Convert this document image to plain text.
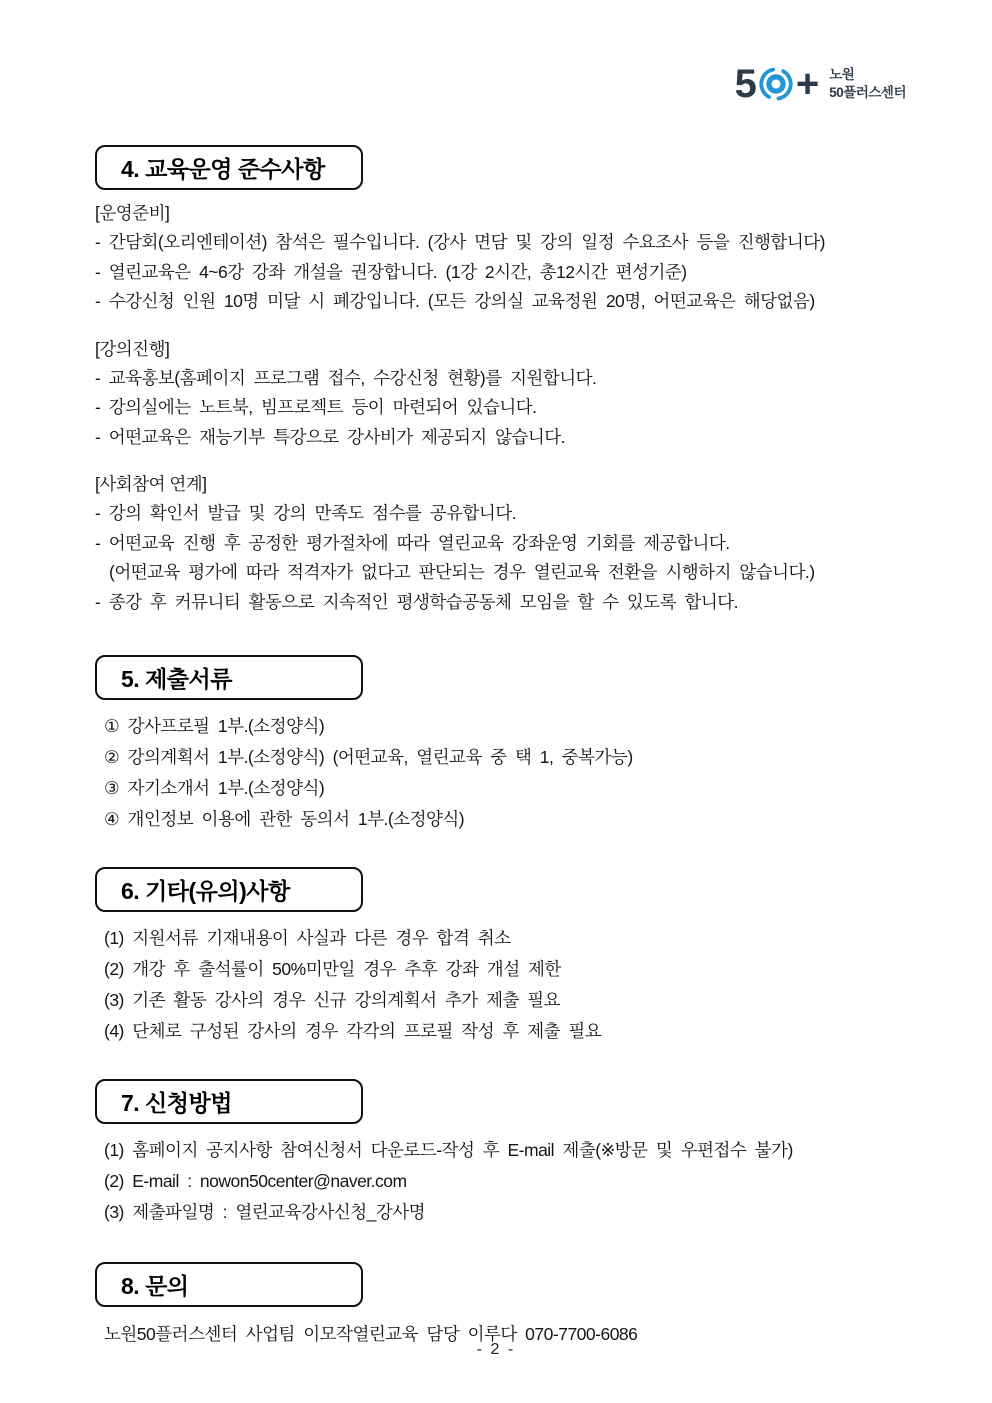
5 + 노원
50플러스센터
4. 교육운영 준수사항
[운영준비]

- 간담회(오리엔테이션) 참석은 필수입니다. (강사 면담 및 강의 일정 수요조사 등을 진행합니다)

- 열린교육은 4~6강 강좌 개설을 권장합니다. (1강 2시간, 총12시간 편성기준)

- 수강신청 인원 10명 미달 시 폐강입니다. (모든 강의실 교육정원 20명, 어떤교육은 해당없음)

[강의진행]

- 교육홍보(홈페이지 프로그램 접수, 수강신청 현황)를 지원합니다.

- 강의실에는 노트북, 빔프로젝트 등이 마련되어 있습니다.

- 어떤교육은 재능기부 특강으로 강사비가 제공되지 않습니다.

[사회참여 연계]

- 강의 확인서 발급 및 강의 만족도 점수를 공유합니다.

- 어떤교육 진행 후 공정한 평가절차에 따라 열린교육 강좌운영 기회를 제공합니다.

(어떤교육 평가에 따라 적격자가 없다고 판단되는 경우 열린교육 전환을 시행하지 않습니다.)

- 종강 후 커뮤니티 활동으로 지속적인 평생학습공동체 모임을 할 수 있도록 합니다.

5. 제출서류

① 강사프로필 1부.(소정양식)

② 강의계획서 1부.(소정양식) (어떤교육, 열린교육 중 택 1, 중복가능)

③ 자기소개서 1부.(소정양식)

④ 개인정보 이용에 관한 동의서 1부.(소정양식)

6. 기타(유의)사항

(1) 지원서류 기재내용이 사실과 다른 경우 합격 취소

(2) 개강 후 출석률이 50%미만일 경우 추후 강좌 개설 제한

(3) 기존 활동 강사의 경우 신규 강의계획서 추가 제출 필요

(4) 단체로 구성된 강사의 경우 각각의 프로필 작성 후 제출 필요

7. 신청방법

(1) 홈페이지 공지사항 참여신청서 다운로드-작성 후 E-mail 제출(※방문 및 우편접수 불가)

(2) E-mail : nowon50center@naver.com

(3) 제출파일명 : 열린교육강사신청_강사명

8. 문의

노원50플러스센터 사업팀 이모작열린교육 담당 이루다 070-7700-6086

- 2 -
